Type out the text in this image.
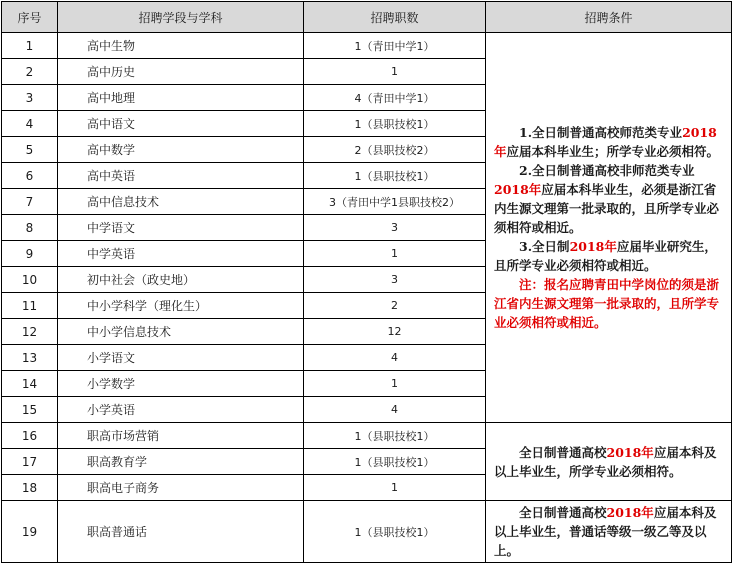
序号	招聘学段与学科	招聘职数	招聘条件
1	高中生物	1（青田中学1）	1.全日制普通高校师范类专业2018年应届本科毕业生；所学专业必须相符。
2.全日制普通高校非师范类专业2018年应届本科毕业生，必须是浙江省内生源文理第一批录取的，且所学专业必须相符或相近。
3.全日制2018年应届毕业研究生，且所学专业必须相符或相近。
注：报名应聘青田中学岗位的须是浙江省内生源文理第一批录取的，且所学专业必须相符或相近。

2	高中历史	1	
3	高中地理	4（青田中学1）	
4	高中语文	1（县职技校1）	
5	高中数学	2（县职技校2）	
6	高中英语	1（县职技校1）	
7	高中信息技术	3（青田中学1县职技校2）	
8	中学语文	3	
9	中学英语	1	
10	初中社会（政史地）	3	
11	中小学科学（理化生）	2	
12	中小学信息技术	12	
13	小学语文	4	
14	小学数学	1	
15	小学英语	4	
16	职高市场营销	1（县职技校1）	全日制普通高校2018年应届本科及以上毕业生，所学专业必须相符。

17	职高教育学	1（县职技校1）	
18	职高电子商务	1	
19	职高普通话	1（县职技校1）	全日制普通高校2018年应届本科及以上毕业生，普通话等级一级乙等及以上。
